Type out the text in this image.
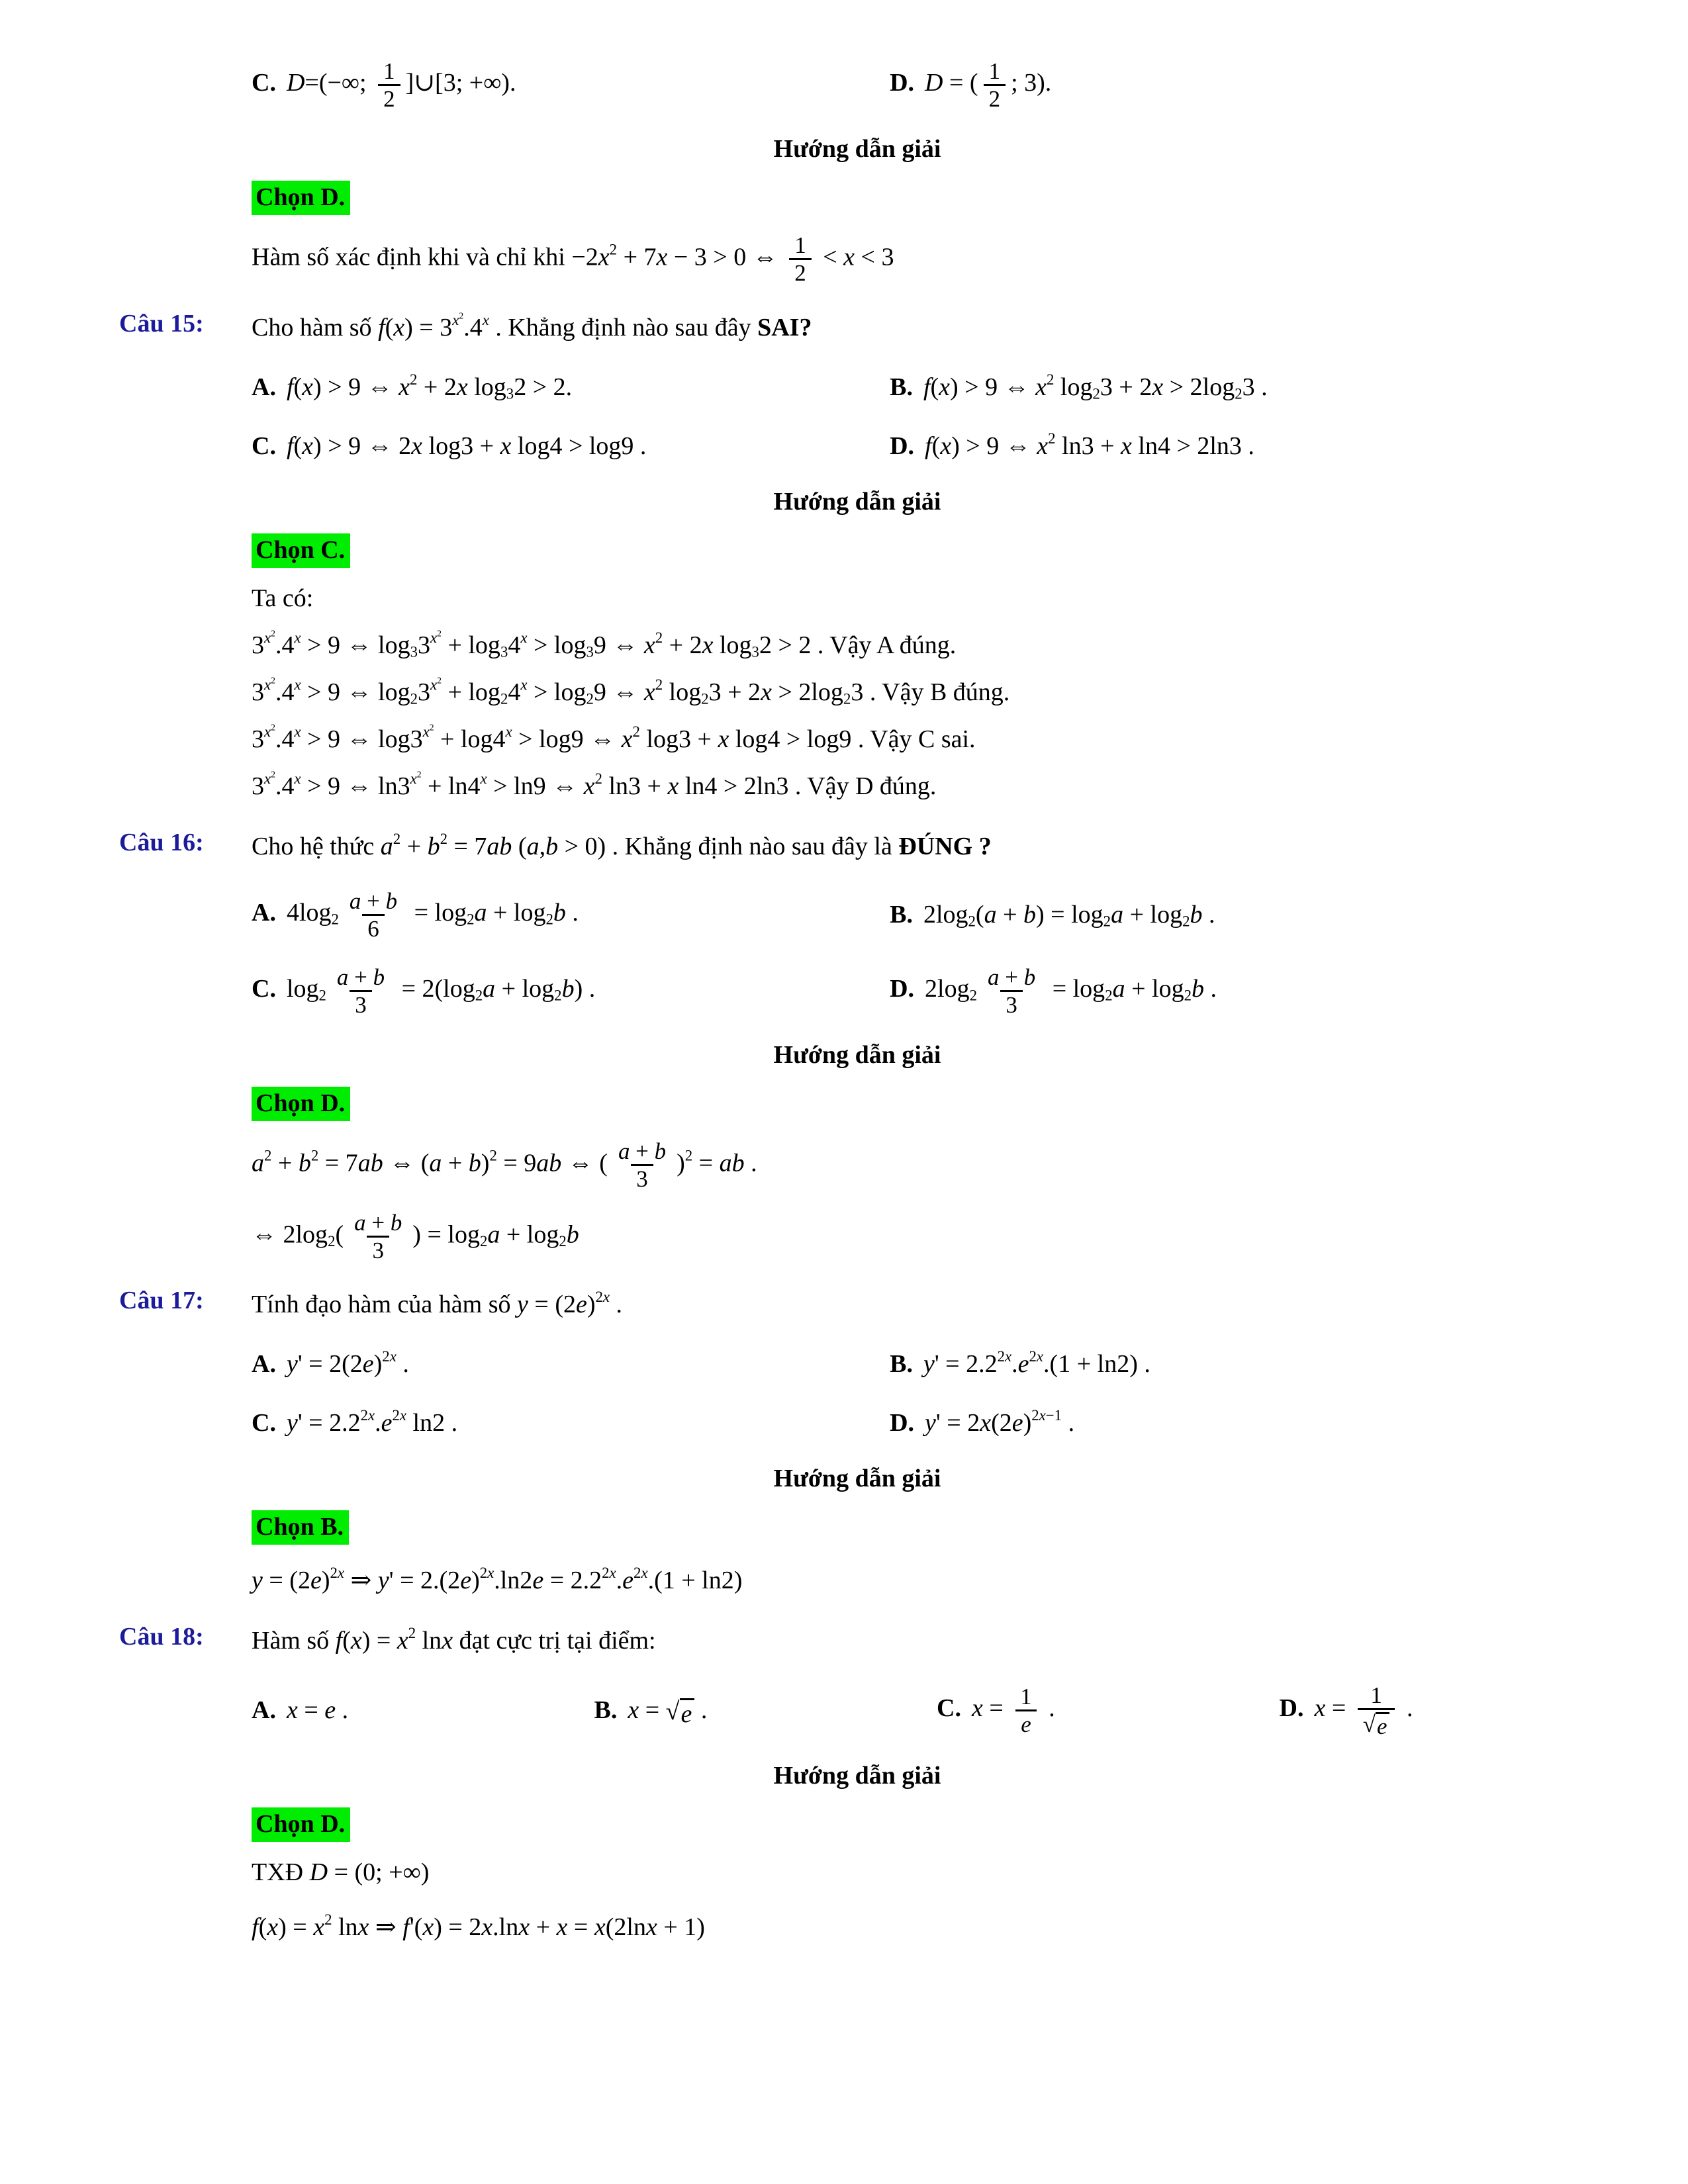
C. D=(−∞; $\frac{1}{2}$ ]∪[3; +∞).	D. D = ( $\frac{1}{2}$ ; 3).
Hướng dẫn giải
Chọn D.
Hàm số xác định khi và chỉ khi $-2x^2 + 7x - 3 > 0$ ⇔ $\frac{1}{2} < x < 3$
Câu 15:	Cho hàm số $f(x) = 3^{x^2}.4^x$ . Khẳng định nào sau đây SAI?
A. f(x) > 9 ⇔ $x^2 + 2x$ $\log_32 > 2$.	B. f(x) > 9 ⇔ $x^2$ $\log_23 + 2x > 2\log_23$ .
C. f(x) > 9 ⇔ 2x log3 + x log4 > log9 .	D. f(x) > 9 ⇔ $x^2$ ln3 + x ln4 > 2ln3 .
Hướng dẫn giải
Chọn C.
Ta có:
$3^{x^2}.4^x > 9$ ⇔ $\log_33^{x^2} + \log_34^x > \log_39$ ⇔ $x^2 + 2x$ $\log_32 > 2$ . Vậy A đúng.
$3^{x^2}.4^x > 9$ ⇔ $\log_23^{x^2} + \log_24^x > \log_29$ ⇔ $x^2$ $\log_23 + 2x > 2\log_23$ . Vậy B đúng.
$3^{x^2}.4^x > 9$ ⇔ $\log 3^{x^2} + \log 4^x > \log 9$ ⇔ $x^2$ log3 + x log4 > log9 . Vậy C sai.
$3^{x^2}.4^x > 9$ ⇔ $\ln 3^{x^2} + \ln 4^x > \ln 9$ ⇔ $x^2$ ln3 + x ln4 > 2ln3 . Vậy D đúng.
Câu 16:	Cho hệ thức $a^2 + b^2 = 7ab$ (a,b > 0) . Khẳng định nào sau đây là ĐÚNG ?
A. $4\log_2 \frac{a + b}{6} = \log_2a + \log_2b$ .	B. $2\log_2(a + b) = \log_2a + \log_2b$ .
C. $\log_2 \frac{a + b}{3} = 2(\log_2a + \log_2b)$ .	D. $2\log_2 \frac{a + b}{3} = \log_2a + \log_2b$ .
Hướng dẫn giải
Chọn D.
$a^2 + b^2 = 7ab$ ⇔ $(a + b)^2 = 9ab$ ⇔ ( $\frac{a + b}{3} )^2$ = ab .
⇔ $2\log_2( \frac{a + b}{3}$ ) = $\log_2a + \log_2b$
Câu 17:	Tính đạo hàm của hàm số $y = (2e)^{2x}$ .
A. $y' = 2(2e)^{2x}$ .	B. $y' = 2.2^{2x}.e^{2x}.(1 + \ln 2)$ .
C. $y' = 2.2^{2x}.e^{2x}$ ln2 .	D. $y' = 2x(2e)^{2x-1}$ .
Hướng dẫn giải
Chọn B.
$y = (2e)^{2x}$ ⇒ $y' = 2.(2e)^{2x}.\ln 2e = 2.2^{2x}.e^{2x}.(1 + \ln 2)$
Câu 18:	Hàm số $f(x) = x^2$ lnx đạt cực trị tại điểm:
A. x = e .	B. x = √ e .	C. $x = \frac{1}{e}$ .	D. $x = \frac{1}{√ e}$ .
Hướng dẫn giải
Chọn D.
TXĐ D = (0; +∞)
$f(x) = x^2$ lnx ⇒ f'(x) = 2x.lnx + x = x(2lnx + 1)
